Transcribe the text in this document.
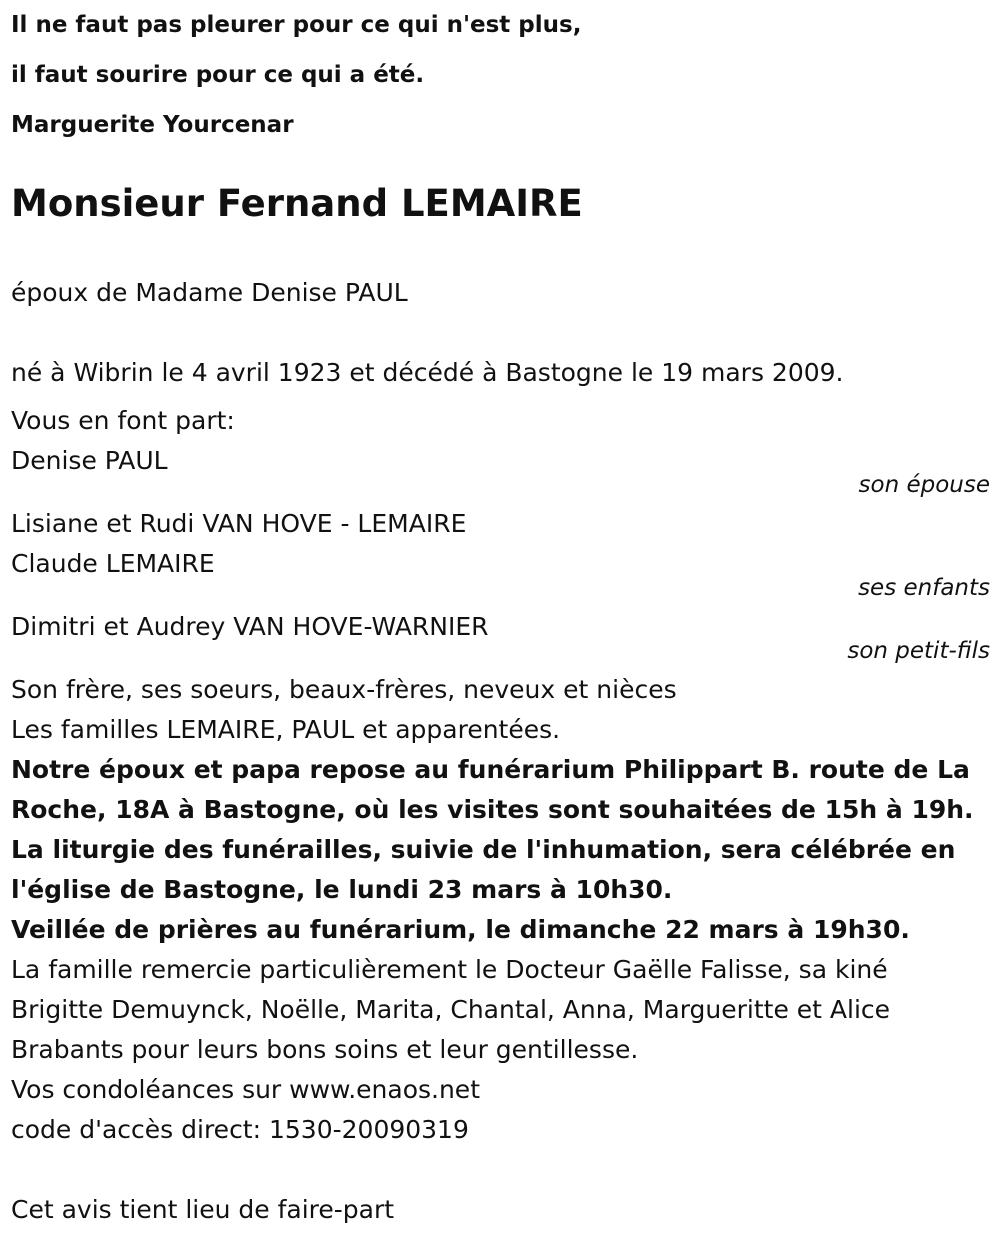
Il ne faut pas pleurer pour ce qui n'est plus,
il faut sourire pour ce qui a été.
Marguerite Yourcenar
Monsieur Fernand LEMAIRE
époux de Madame Denise PAUL
né à Wibrin le 4 avril 1923 et décédé à Bastogne le 19 mars 2009.
Vous en font part:
Denise PAUL
son épouse
Lisiane et Rudi VAN HOVE - LEMAIRE
Claude LEMAIRE
ses enfants
Dimitri et Audrey VAN HOVE-WARNIER
son petit-fils
Son frère, ses soeurs, beaux-frères, neveux et nièces
Les familles LEMAIRE, PAUL et apparentées.
Notre époux et papa repose au funérarium Philippart B. route de La
Roche, 18A à Bastogne, où les visites sont souhaitées de 15h à 19h.
La liturgie des funérailles, suivie de l'inhumation, sera célébrée en
l'église de Bastogne, le lundi 23 mars à 10h30.
Veillée de prières au funérarium, le dimanche 22 mars à 19h30.
La famille remercie particulièrement le Docteur Gaëlle Falisse, sa kiné
Brigitte Demuynck, Noëlle, Marita, Chantal, Anna, Margueritte et Alice
Brabants pour leurs bons soins et leur gentillesse.
Vos condoléances sur www.enaos.net
code d'accès direct: 1530-20090319
Cet avis tient lieu de faire-part
